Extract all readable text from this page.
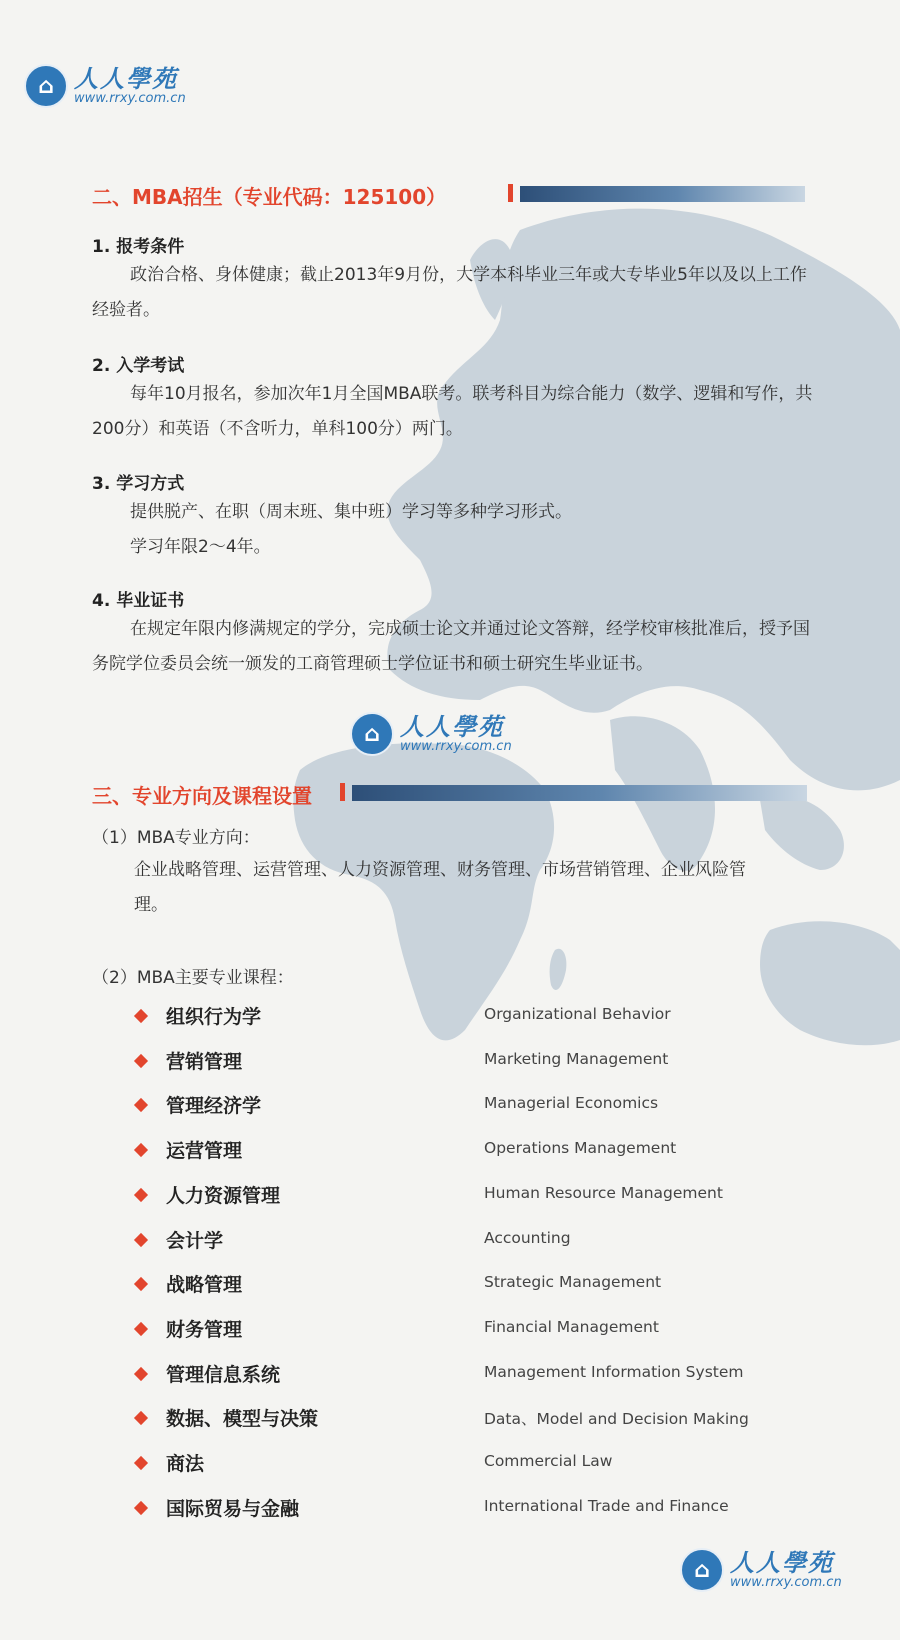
⌂ 人人學苑
www.rrxy.com.cn
⌂ 人人學苑
www.rrxy.com.cn
⌂ 人人學苑
www.rrxy.com.cn
二、MBA招生（专业代码：125100）
1. 报考条件
政治合格、身体健康；截止2013年9月份，大学本科毕业三年或大专毕业5年以及以上工作经验者。
2. 入学考试
每年10月报名，参加次年1月全国MBA联考。联考科目为综合能力（数学、逻辑和写作，共200分）和英语（不含听力，单科100分）两门。
3. 学习方式
提供脱产、在职（周末班、集中班）学习等多种学习形式。
学习年限2～4年。
4. 毕业证书
在规定年限内修满规定的学分，完成硕士论文并通过论文答辩，经学校审核批准后，授予国务院学位委员会统一颁发的工商管理硕士学位证书和硕士研究生毕业证书。
三、专业方向及课程设置
（1）MBA专业方向：
企业战略管理、运营管理、人力资源管理、财务管理、市场营销管理、企业风险管理。
（2）MBA主要专业课程：
组织行为学	Organizational Behavior
营销管理	Marketing Management
管理经济学	Managerial Economics
运营管理	Operations Management
人力资源管理	Human Resource Management
会计学	Accounting
战略管理	Strategic Management
财务管理	Financial Management
管理信息系统	Management Information System
数据、模型与决策	Data、Model and Decision Making
商法	Commercial Law
国际贸易与金融	International Trade and Finance
